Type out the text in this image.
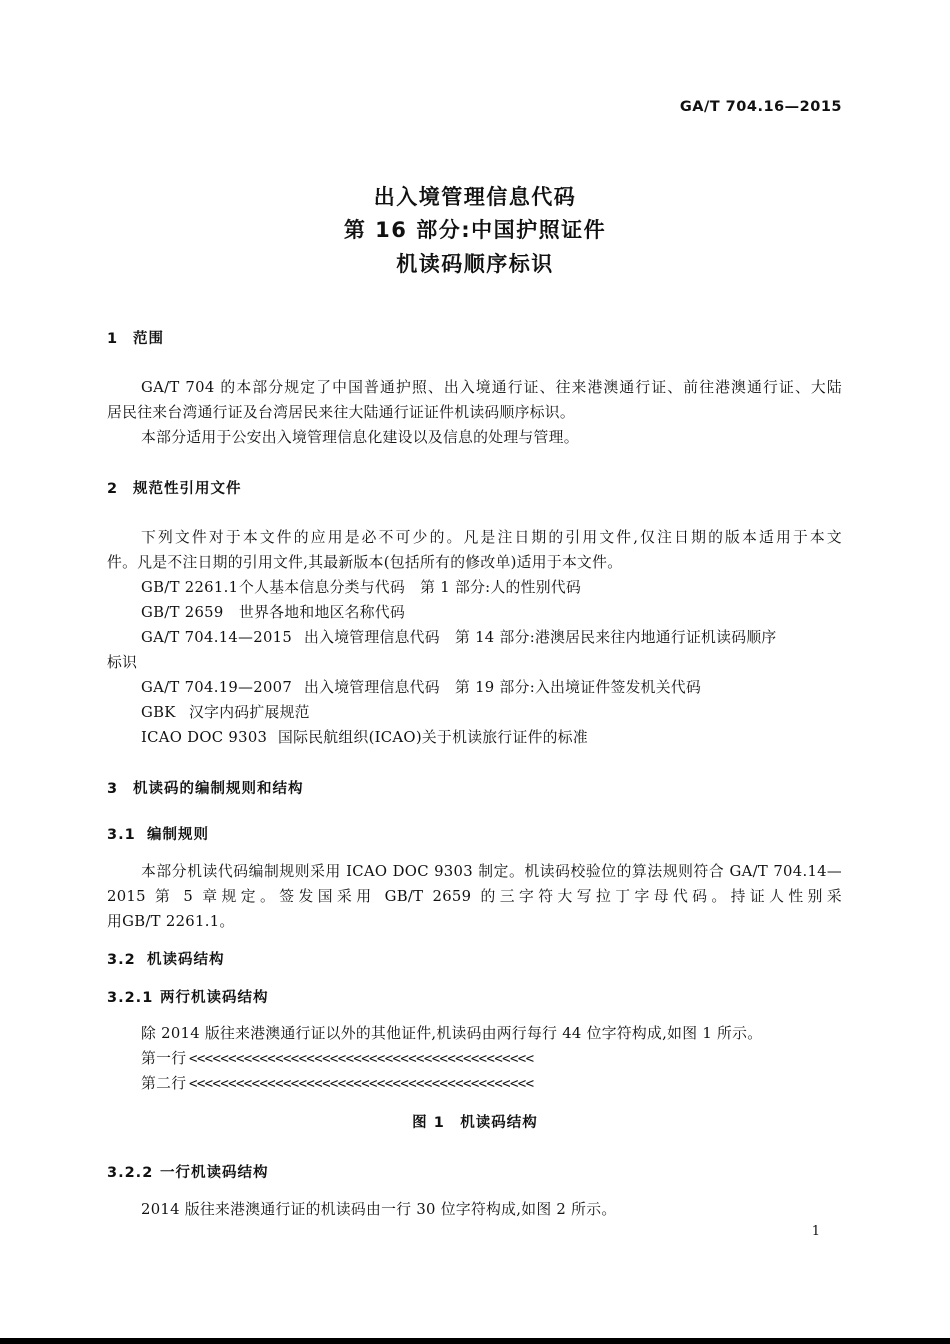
GA/T 704.16—2015
出入境管理信息代码
第 16 部分:中国护照证件
机读码顺序标识
1 范围
GA/T 704 的本部分规定了中国普通护照、出入境通行证、往来港澳通行证、前往港澳通行证、大陆
居民往来台湾通行证及台湾居民来往大陆通行证证件机读码顺序标识。
本部分适用于公安出入境管理信息化建设以及信息的处理与管理。
2 规范性引用文件
下列文件对于本文件的应用是必不可少的。凡是注日期的引用文件,仅注日期的版本适用于本文
件。凡是不注日期的引用文件,其最新版本(包括所有的修改单)适用于本文件。
GB/T 2261.1个人基本信息分类与代码　第 1 部分:人的性别代码
GB/T 2659 世界各地和地区名称代码
GA/T 704.14—2015 出入境管理信息代码　第 14 部分:港澳居民来往内地通行证机读码顺序
标识
GA/T 704.19—2007 出入境管理信息代码　第 19 部分:入出境证件签发机关代码
GBK 汉字内码扩展规范
ICAO DOC 9303 国际民航组织(ICAO)关于机读旅行证件的标准
3 机读码的编制规则和结构
3.1 编制规则
本部分机读代码编制规则采用 ICAO DOC 9303 制定。机读码校验位的算法规则符合 GA/T 704.14—
2015 第 5 章规定。签发国采用 GB/T 2659 的三字符大写拉丁字母代码。持证人性别采
用GB/T 2261.1。
3.2 机读码结构
3.2.1 两行机读码结构
除 2014 版往来港澳通行证以外的其他证件,机读码由两行每行 44 位字符构成,如图 1 所示。
第一行 <<<<<<<<<<<<<<<<<<<<<<<<<<<<<<<<<<<<<<<<<<<<
第二行 <<<<<<<<<<<<<<<<<<<<<<<<<<<<<<<<<<<<<<<<<<<<
图 1　机读码结构
3.2.2 一行机读码结构
2014 版往来港澳通行证的机读码由一行 30 位字符构成,如图 2 所示。
1
